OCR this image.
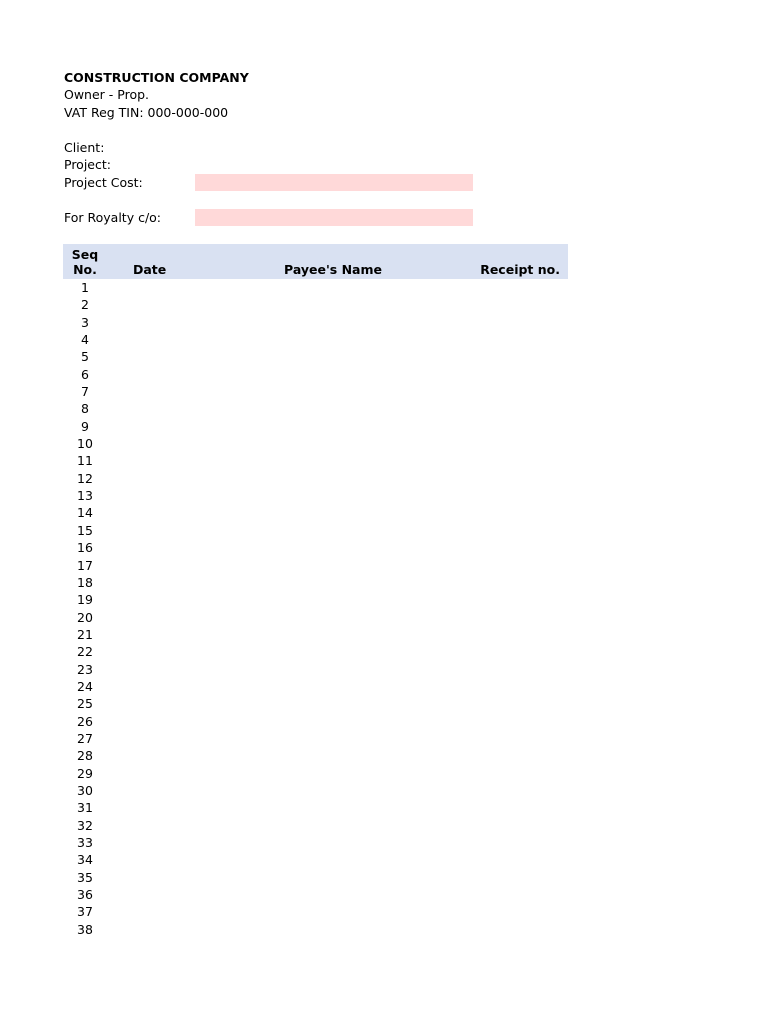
CONSTRUCTION COMPANY
Owner - Prop.
VAT Reg TIN: 000-000-000
Client:
Project:
Project Cost:
For Royalty c/o:
Seq
No.	Date	Payee's Name	Receipt no.
1
2
3
4
5
6
7
8
9
10
11
12
13
14
15
16
17
18
19
20
21
22
23
24
25
26
27
28
29
30
31
32
33
34
35
36
37
38
